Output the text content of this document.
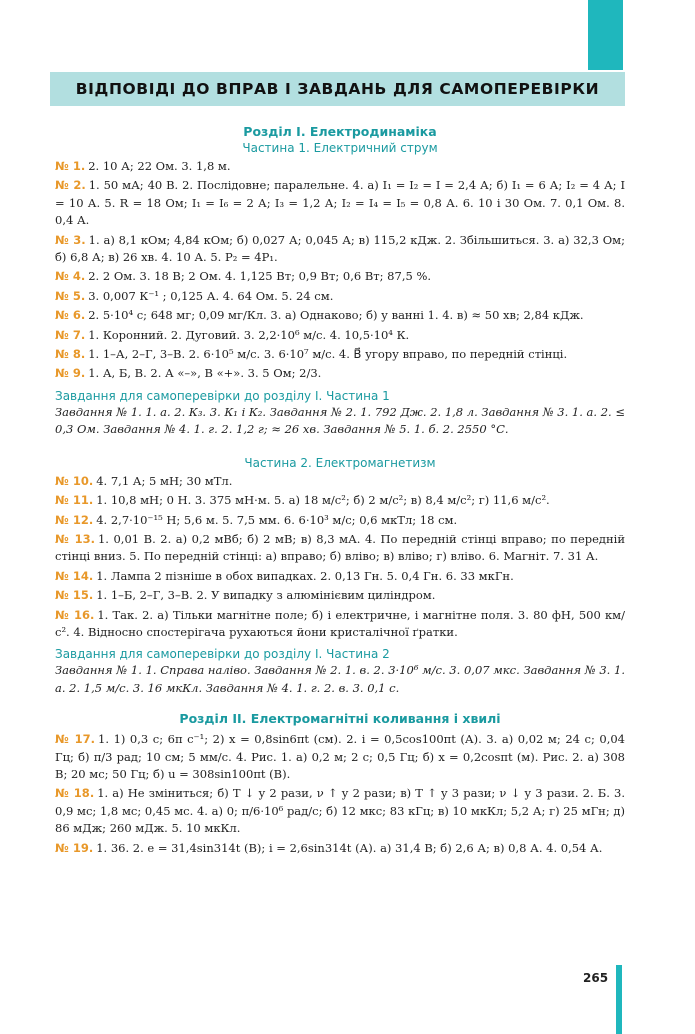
ВІДПОВІДІ ДО ВПРАВ І ЗАВДАНЬ ДЛЯ САМОПЕРЕВІРКИ
Розділ I. Електродинаміка
Частина 1. Електричний струм

№ 1. 2. 10 А; 22 Ом. 3. 1,8 м.

№ 2. 1. 50 мА; 40 В. 2. Послідовне; паралельне. 4. а) I₁ = I₂ = I = 2,4 А; б) I₁ = 6 А; I₂ = 4 А; I = 10 А. 5. R = 18 Ом; I₁ = I₆ = 2 А; I₃ = 1,2 А; I₂ = I₄ = I₅ = 0,8 А. 6. 10 і 30 Ом. 7. 0,1 Ом. 8. 0,4 А.

№ 3. 1. а) 8,1 кОм; 4,84 кОм; б) 0,027 А; 0,045 А; в) 115,2 кДж. 2. Збільшиться. 3. а) 32,3 Ом; б) 6,8 А; в) 26 хв. 4. 10 А. 5. P₂ = 4P₁.

№ 4. 2. 2 Ом. 3. 18 В; 2 Ом. 4. 1,125 Вт; 0,9 Вт; 0,6 Вт; 87,5 %.

№ 5. 3. 0,007 К⁻¹ ; 0,125 А. 4. 64 Ом. 5. 24 см.

№ 6. 2. 5·10⁴ с; 648 мг; 0,09 мг/Кл. 3. а) Однаково; б) у ванні 1. 4. в) ≈ 50 хв; 2,84 кДж.

№ 7. 1. Коронний. 2. Дуговий. 3. 2,2·10⁶ м/с. 4. 10,5·10⁴ К.

№ 8. 1. 1–А, 2–Г, 3–В. 2. 6·10⁵ м/с. 3. 6·10⁷ м/с. 4. B⃗ угору вправо, по передній стінці.

№ 9. 1. А, Б, В. 2. А «–», В «+». 3. 5 Ом; 2/3.

Завдання для самоперевірки до розділу I. Частина 1

Завдання № 1. 1. а. 2. К₃. 3. К₁ і К₂. Завдання № 2. 1. 792 Дж. 2. 1,8 л. Завдання № 3. 1. а. 2. ≤ 0,3 Ом. Завдання № 4. 1. г. 2. 1,2 г; ≈ 26 хв. Завдання № 5. 1. б. 2. 2550 °С.

Частина 2. Електромагнетизм

№ 10. 4. 7,1 А; 5 мН; 30 мТл.

№ 11. 1. 10,8 мН; 0 Н. 3. 375 мН·м. 5. а) 18 м/с²; б) 2 м/с²; в) 8,4 м/с²; г) 11,6 м/с².

№ 12. 4. 2,7·10⁻¹⁵ Н; 5,6 м. 5. 7,5 мм. 6. 6·10³ м/с; 0,6 мкТл; 18 см.

№ 13. 1. 0,01 В. 2. а) 0,2 мВб; б) 2 мВ; в) 8,3 мА. 4. По передній стінці вправо; по передній стінці вниз. 5. По передній стінці: а) вправо; б) вліво; в) вліво; г) вліво. 6. Магніт. 7. 31 А.

№ 14. 1. Лампа 2 пізніше в обох випадках. 2. 0,13 Гн. 5. 0,4 Гн. 6. 33 мкГн.

№ 15. 1. 1–Б, 2–Г, 3–В. 2. У випадку з алюмінієвим циліндром.

№ 16. 1. Так. 2. а) Тільки магнітне поле; б) і електричне, і магнітне поля. 3. 80 фН, 500 км/с². 4. Відносно спостерігача рухаються йони кристалічної ґратки.

Завдання для самоперевірки до розділу I. Частина 2

Завдання № 1. 1. Справа наліво. Завдання № 2. 1. в. 2. 3·10⁶ м/с. 3. 0,07 мкс. Завдання № 3. 1. а. 2. 1,5 м/с. 3. 16 мкКл. Завдання № 4. 1. г. 2. в. 3. 0,1 с.

Розділ II. Електромагнітні коливання і хвилі

№ 17. 1. 1) 0,3 с; 6π с⁻¹; 2) x = 0,8sin6πt (см). 2. i = 0,5cos100πt (А). 3. а) 0,02 м; 24 с; 0,04 Гц; б) π/3 рад; 10 см; 5 мм/с. 4. Рис. 1. а) 0,2 м; 2 с; 0,5 Гц; б) x = 0,2cosπt (м). Рис. 2. а) 308 В; 20 мс; 50 Гц; б) u = 308sin100πt (В).

№ 18. 1. а) Не зміниться; б) T ↓ у 2 рази, ν ↑ у 2 рази; в) T ↑ у 3 рази; ν ↓ у 3 рази. 2. Б. 3. 0,9 мс; 1,8 мс; 0,45 мс. 4. а) 0; π/6·10⁶ рад/с; б) 12 мкс; 83 кГц; в) 10 мкКл; 5,2 А; г) 25 мГн; д) 86 мДж; 260 мДж. 5. 10 мкКл.

№ 19. 1. 36. 2. e = 31,4sin314t (В); i = 2,6sin314t (А). а) 31,4 В; б) 2,6 А; в) 0,8 А. 4. 0,54 А.

265
